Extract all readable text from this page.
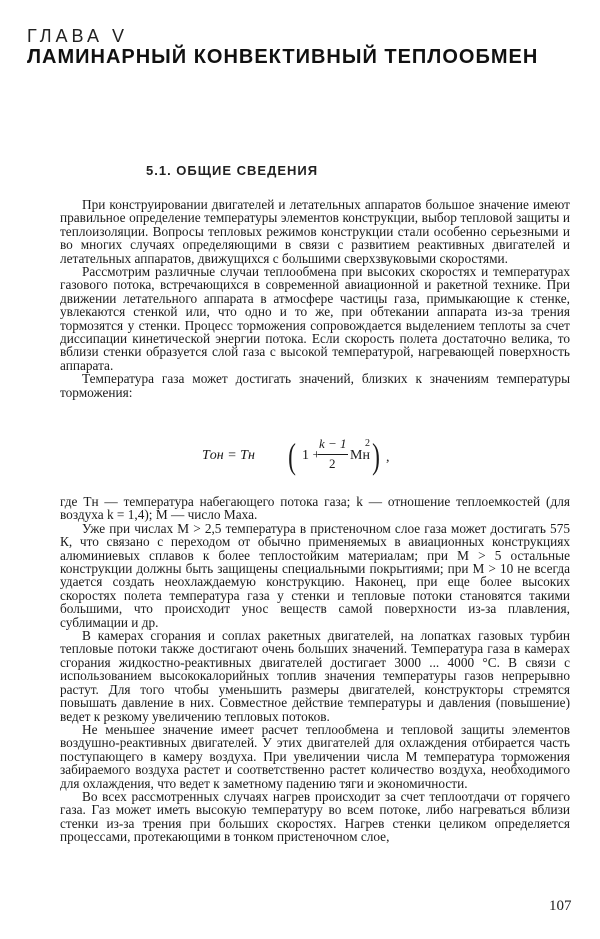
ГЛАВА V
ЛАМИНАРНЫЙ КОНВЕКТИВНЫЙ ТЕПЛООБМЕН
5.1. ОБЩИЕ СВЕДЕНИЯ

При конструировании двигателей и летательных аппаратов большое значение имеют правильное определение температуры элементов конструкции, выбор тепловой защиты и теплоизоляции. Вопросы тепловых режимов конструкции стали особенно серьезными и во многих случаях определяющими в связи с развитием реактивных двигателей и летательных аппаратов, движущихся с большими сверхзвуковыми скоростями.

Рассмотрим различные случаи теплообмена при высоких скоростях и температурах газового потока, встречающихся в современной авиационной и ракетной технике. При движении летательного аппарата в атмосфере частицы газа, примыкающие к стенке, увлекаются стенкой или, что одно и то же, при обтекании аппарата из-за трения тормозятся у стенки. Процесс торможения сопровождается выделением теплоты за счет диссипации кинетической энергии потока. Если скорость полета достаточно велика, то вблизи стенки образуется слой газа с высокой температурой, нагревающей поверхность аппарата.

Температура газа может достигать значений, близких к значениям температуры торможения:

Tон = Tн ( 1 +
k − 1
2
Mн
2 ) ,

где Tн — температура набегающего потока газа; k — отношение теплоемкостей (для воздуха k = 1,4); M — число Маха.

Уже при числах M > 2,5 температура в пристеночном слое газа может достигать 575 К, что связано с переходом от обычно применяемых в авиационных конструкциях алюминиевых сплавов к более теплостойким материалам; при M > 5 остальные конструкции должны быть защищены специальными покрытиями; при M > 10 не всегда удается создать неохлаждаемую конструкцию. Наконец, при еще более высоких скоростях полета температура газа у стенки и тепловые потоки становятся такими большими, что происходит унос веществ самой поверхности из-за плавления, сублимации и др.

В камерах сгорания и соплах ракетных двигателей, на лопатках газовых турбин тепловые потоки также достигают очень больших значений. Температура газа в камерах сгорания жидкостно-реактивных двигателей достигает 3000 ... 4000 °С. В связи с использованием высококалорийных топлив значения температуры газов непрерывно растут. Для того чтобы уменьшить размеры двигателей, конструкторы стремятся повышать давление в них. Совместное действие температуры и давления (повышение) ведет к резкому увеличению тепловых потоков.

Не меньшее значение имеет расчет теплообмена и тепловой защиты элементов воздушно-реактивных двигателей. У этих двигателей для охлаждения отбирается часть поступающего в камеру воздуха. При увеличении числа M температура торможения забираемого воздуха растет и соответственно растет количество воздуха, необходимого для охлаждения, что ведет к заметному падению тяги и экономичности.

Во всех рассмотренных случаях нагрев происходит за счет теплоотдачи от горячего газа. Газ может иметь высокую температуру во всем потоке, либо нагреваться вблизи стенки из-за трения при больших скоростях. Нагрев стенки целиком определяется процессами, протекающими в тонком пристеночном слое,

107
